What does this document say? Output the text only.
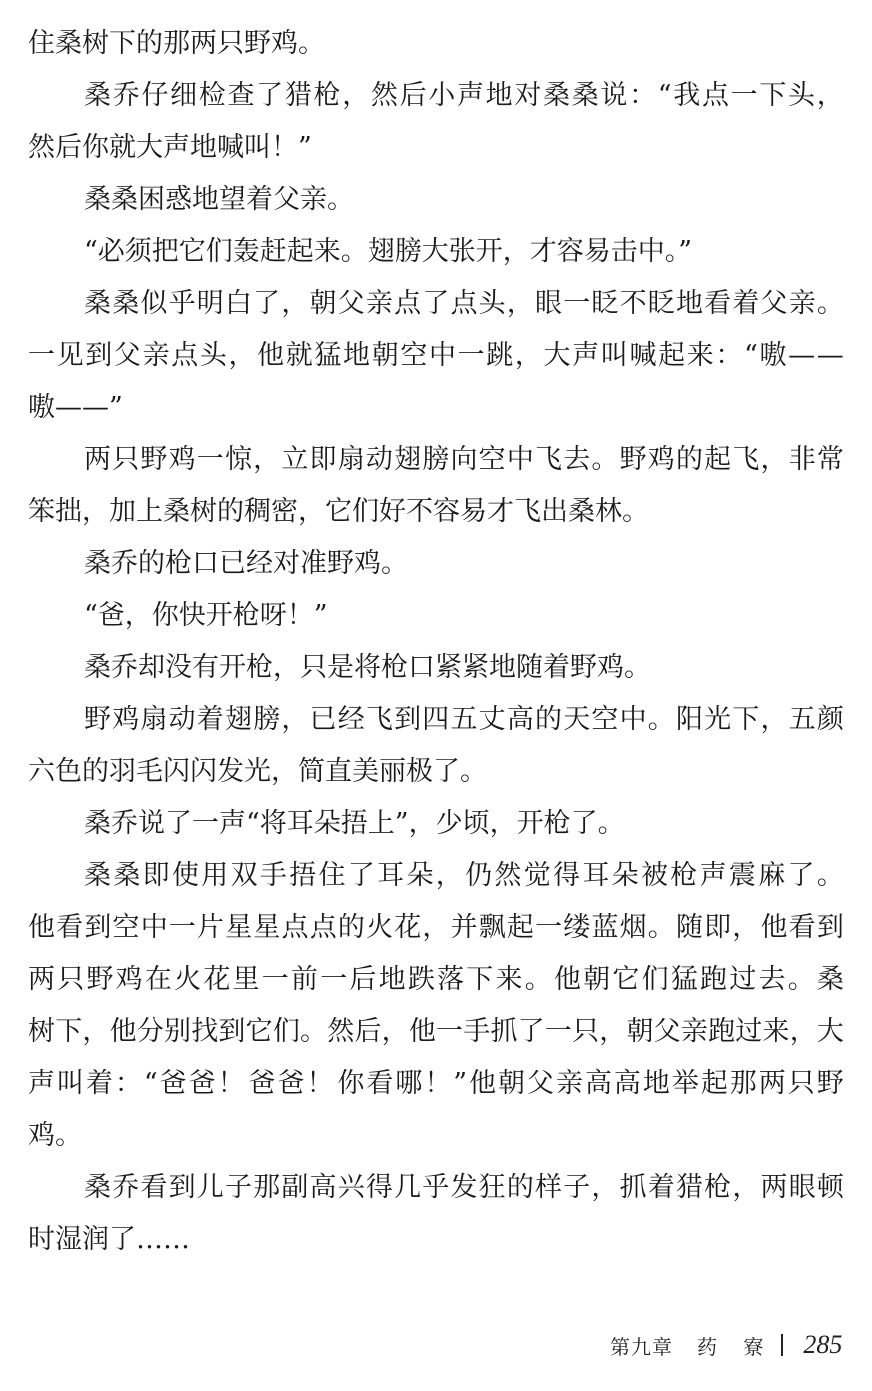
住桑树下的那两只野鸡。
桑 乔 仔 细 检 查 了 猎 枪 ， 然 后 小 声 地 对 桑 桑 说 ： “ 我 点 一 下 头 ，
然后你就大声地喊叫！”
桑桑困惑地望着父亲。
“必须把它们轰赶起来。翅膀大张开，才容易击中。”
桑 桑 似 乎 明 白 了 ， 朝 父 亲 点 了 点 头 ， 眼 一 眨 不 眨 地 看 着 父 亲 。
一 见 到 父 亲 点 头 ， 他 就 猛 地 朝 空 中 一 跳 ， 大 声 叫 喊 起 来 ： “ 嗷 — —
嗷——”
两 只 野 鸡 一 惊 ， 立 即 扇 动 翅 膀 向 空 中 飞 去 。 野 鸡 的 起 飞 ， 非 常
笨拙，加上桑树的稠密，它们好不容易才飞出桑林。
桑乔的枪口已经对准野鸡。
“爸，你快开枪呀！”
桑乔却没有开枪，只是将枪口紧紧地随着野鸡。
野 鸡 扇 动 着 翅 膀 ， 已 经 飞 到 四 五 丈 高 的 天 空 中 。 阳 光 下 ， 五 颜
六色的羽毛闪闪发光，简直美丽极了。
桑乔说了一声“将耳朵捂上”，少顷，开枪了。
桑 桑 即 使 用 双 手 捂 住 了 耳 朵 ， 仍 然 觉 得 耳 朵 被 枪 声 震 麻 了 。
他 看 到 空 中 一 片 星 星 点 点 的 火 花 ， 并 飘 起 一 缕 蓝 烟 。 随 即 ， 他 看 到
两 只 野 鸡 在 火 花 里 一 前 一 后 地 跌 落 下 来 。 他 朝 它 们 猛 跑 过 去 。 桑
树 下 ， 他 分 别 找 到 它 们 。 然 后 ， 他 一 手 抓 了 一 只 ， 朝 父 亲 跑 过 来 ， 大
声 叫 着 ： “ 爸 爸 ！ 爸 爸 ！ 你 看 哪 ！ ” 他 朝 父 亲 高 高 地 举 起 那 两 只 野
鸡。
桑 乔 看 到 儿 子 那 副 高 兴 得 几 乎 发 狂 的 样 子 ， 抓 着 猎 枪 ， 两 眼 顿
时湿润了……
第九章 药 寮 285
